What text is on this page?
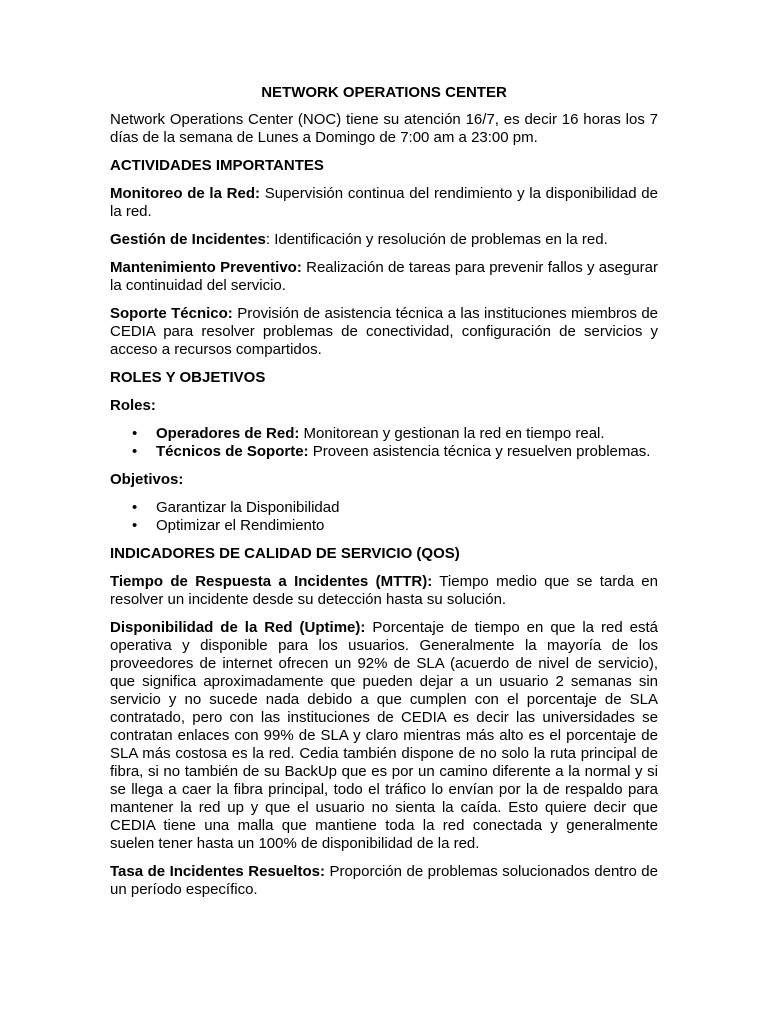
NETWORK OPERATIONS CENTER

Network Operations Center (NOC) tiene su atención 16/7, es decir 16 horas los 7 días de la semana de Lunes a Domingo de 7:00 am a 23:00 pm.

ACTIVIDADES IMPORTANTES

Monitoreo de la Red: Supervisión continua del rendimiento y la disponibilidad de la red.

Gestión de Incidentes: Identificación y resolución de problemas en la red.

Mantenimiento Preventivo: Realización de tareas para prevenir fallos y asegurar la continuidad del servicio.

Soporte Técnico: Provisión de asistencia técnica a las instituciones miembros de CEDIA para resolver problemas de conectividad, configuración de servicios y acceso a recursos compartidos.

ROLES Y OBJETIVOS

Roles:

• Operadores de Red: Monitorean y gestionan la red en tiempo real.
• Técnicos de Soporte: Proveen asistencia técnica y resuelven problemas.

Objetivos:

• Garantizar la Disponibilidad
• Optimizar el Rendimiento
INDICADORES DE CALIDAD DE SERVICIO (QOS)

Tiempo de Respuesta a Incidentes (MTTR): Tiempo medio que se tarda en resolver un incidente desde su detección hasta su solución.

Disponibilidad de la Red (Uptime): Porcentaje de tiempo en que la red está operativa y disponible para los usuarios. Generalmente la mayoría de los proveedores de internet ofrecen un 92% de SLA (acuerdo de nivel de servicio), que significa aproximadamente que pueden dejar a un usuario 2 semanas sin servicio y no sucede nada debido a que cumplen con el porcentaje de SLA contratado, pero con las instituciones de CEDIA es decir las universidades se contratan enlaces con 99% de SLA y claro mientras más alto es el porcentaje de SLA más costosa es la red. Cedia también dispone de no solo la ruta principal de fibra, si no también de su BackUp que es por un camino diferente a la normal y si se llega a caer la fibra principal, todo el tráfico lo envían por la de respaldo para mantener la red up y que el usuario no sienta la caída. Esto quiere decir que CEDIA tiene una malla que mantiene toda la red conectada y generalmente suelen tener hasta un 100% de disponibilidad de la red.

Tasa de Incidentes Resueltos: Proporción de problemas solucionados dentro de un período específico.
